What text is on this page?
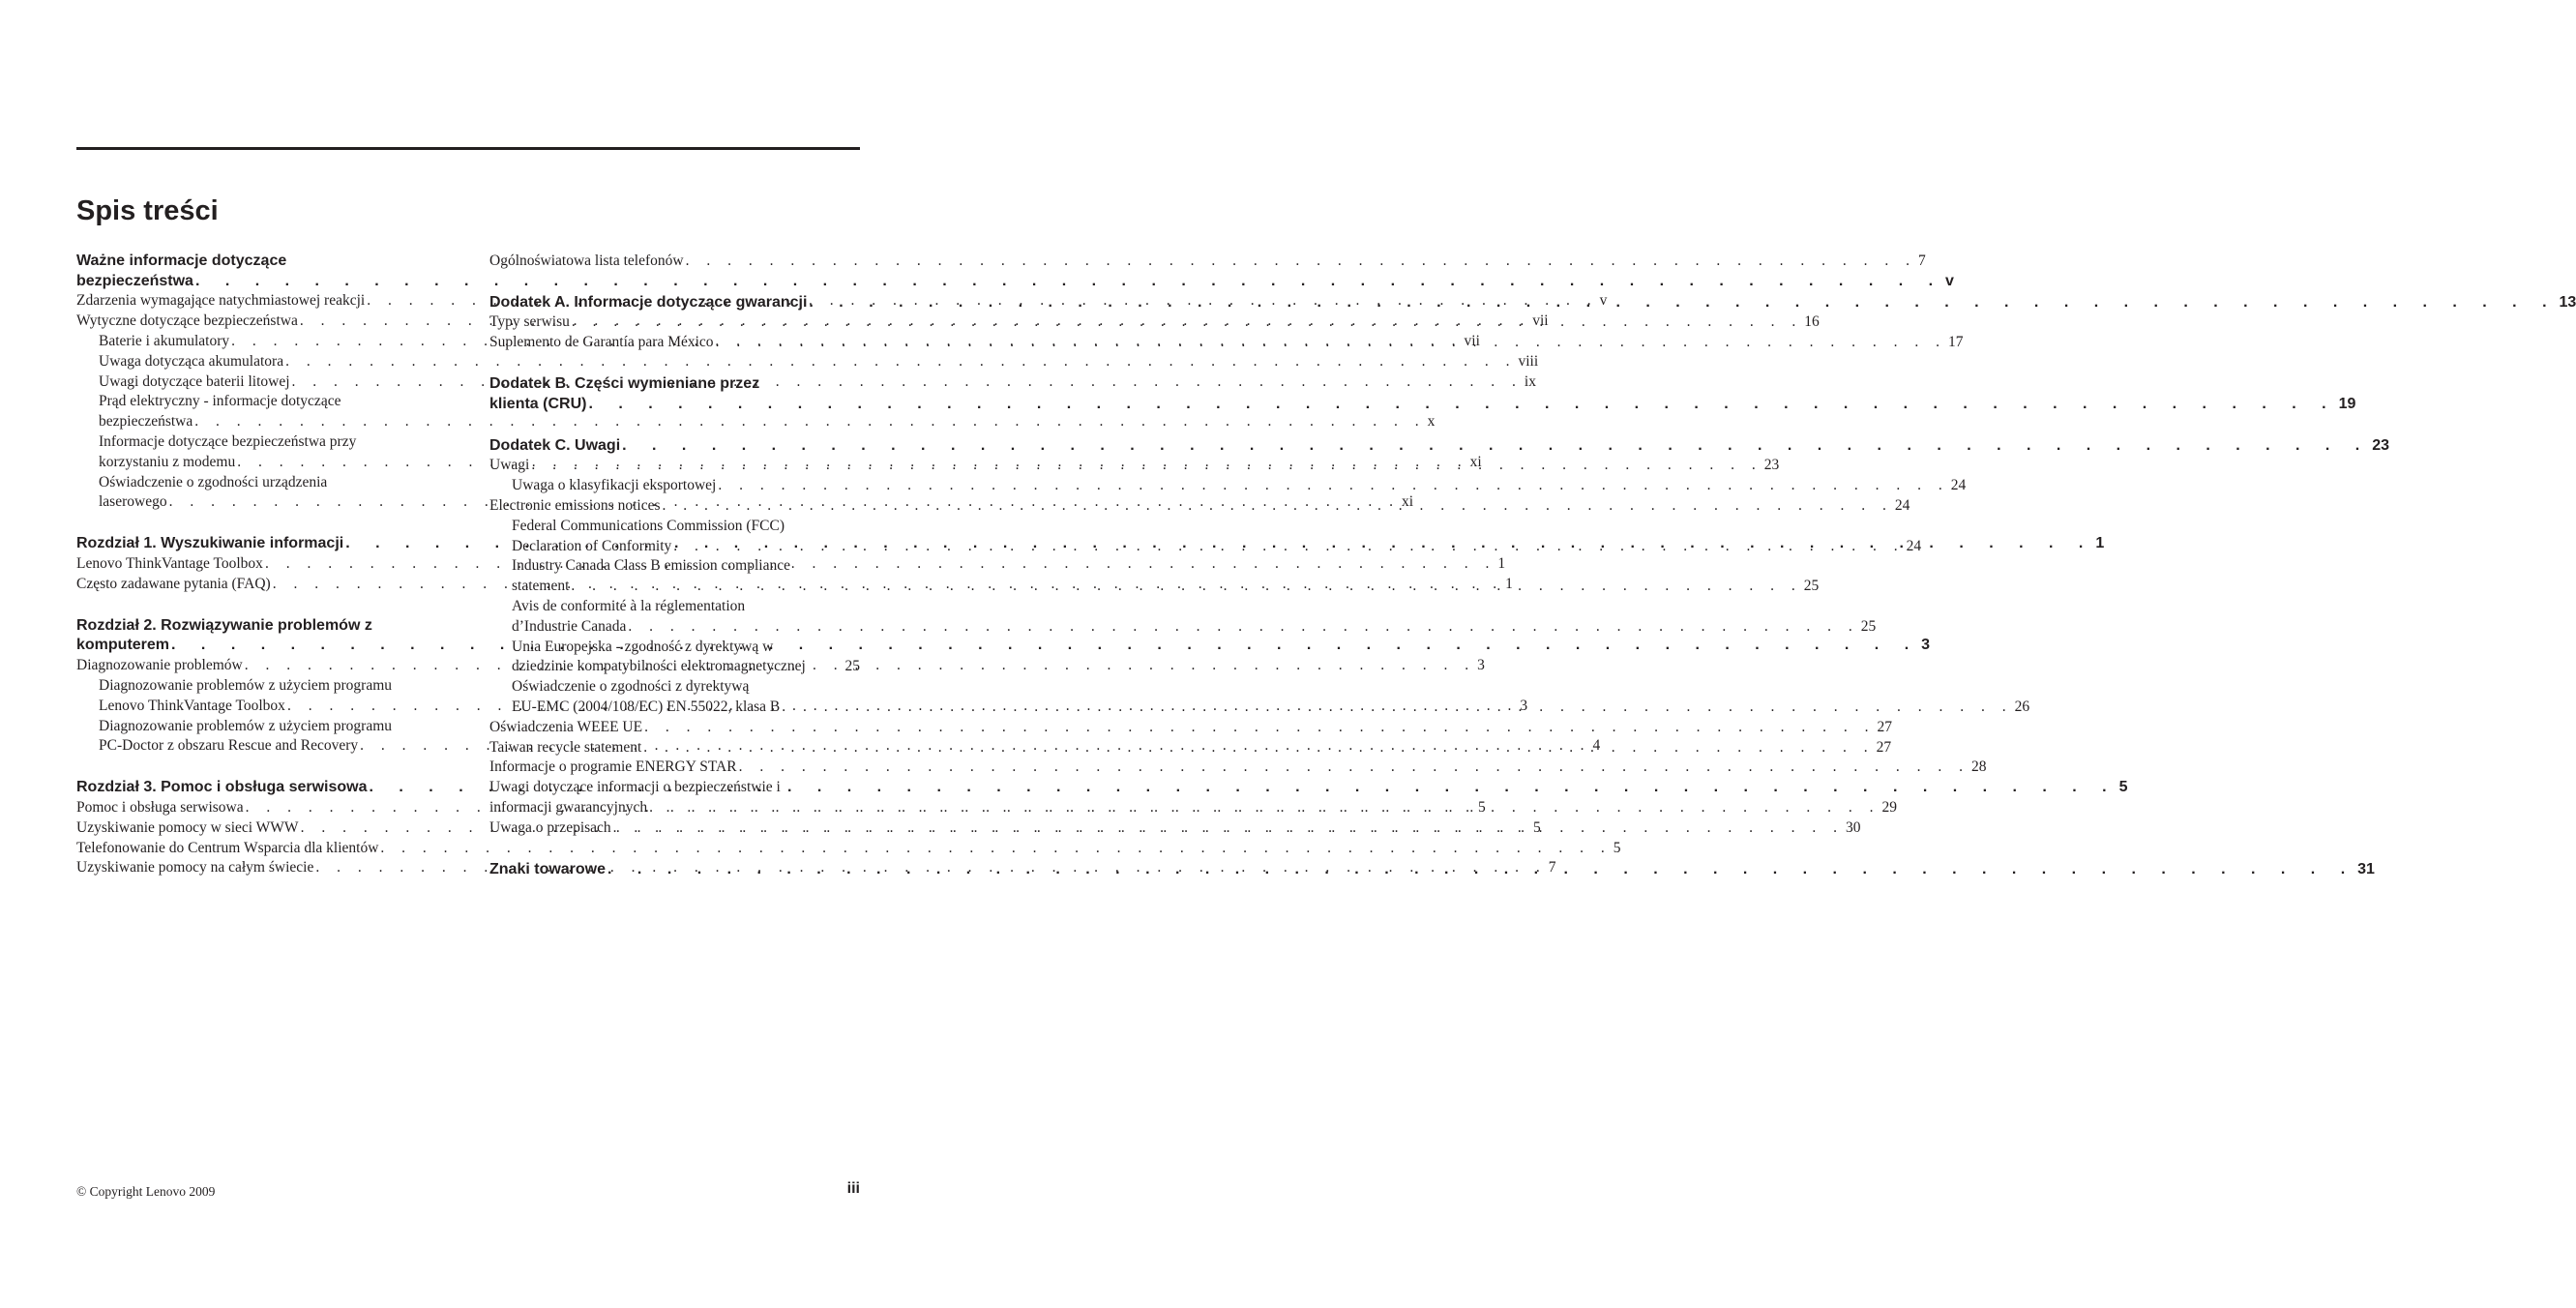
Spis treści
Ważne informacje dotyczące
bezpieczeństwa . . .	v
Zdarzenia wymagające natychmiastowej reakcji . . .	v
Wytyczne dotyczące bezpieczeństwa . . .	vii
Baterie i akumulatory . . .	vii
Uwaga dotycząca akumulatora . . .	viii
Uwagi dotyczące baterii litowej . . .	ix
Prąd elektryczny - informacje dotyczące
bezpieczeństwa . . .	x
Informacje dotyczące bezpieczeństwa przy
korzystaniu z modemu . . .	xi
Oświadczenie o zgodności urządzenia
laserowego . . .	xi
Rozdział 1. Wyszukiwanie informacji . . .	1
Lenovo ThinkVantage Toolbox . . .	1
Często zadawane pytania (FAQ) . . .	1
Rozdział 2. Rozwiązywanie problemów z
komputerem . . .	3
Diagnozowanie problemów . . .	3
Diagnozowanie problemów z użyciem programu
Lenovo ThinkVantage Toolbox . . .	3
Diagnozowanie problemów z użyciem programu
PC-Doctor z obszaru Rescue and Recovery . . .	4
Rozdział 3. Pomoc i obsługa serwisowa . . .	5
Pomoc i obsługa serwisowa . . .	5
Uzyskiwanie pomocy w sieci WWW . . .	5
Telefonowanie do Centrum Wsparcia dla klientów . . .	5
Uzyskiwanie pomocy na całym świecie . . .	7
Ogólnoświatowa lista telefonów . . .	7
Dodatek A. Informacje dotyczące gwarancji . . .	13
Typy serwisu . . .	16
Suplemento de Garantía para México . . .	17
Dodatek B. Części wymieniane przez
klienta (CRU) . . .	19
Dodatek C. Uwagi . . .	23
Uwagi . . .	23
Uwaga o klasyfikacji eksportowej . . .	24
Electronic emissions notices . . .	24
Federal Communications Commission (FCC)
Declaration of Conformity . . .	24
Industry Canada Class B emission compliance
statement . . .	25
Avis de conformité à la réglementation
d’Industrie Canada . . .	25
Unia Europejska - zgodność z dyrektywą w
dziedzinie kompatybilności elektromagnetycznej	25
Oświadczenie o zgodności z dyrektywą
EU-EMC (2004/108/EC) EN 55022, klasa B . . .	26
Oświadczenia WEEE UE . . .	27
Taiwan recycle statement . . .	27
Informacje o programie ENERGY STAR . . .	28
Uwagi dotyczące informacji o bezpieczeństwie i
informacji gwarancyjnych . . .	29
Uwaga o przepisach . . .	30
Znaki towarowe . . .	31
© Copyright Lenovo 2009	iii
